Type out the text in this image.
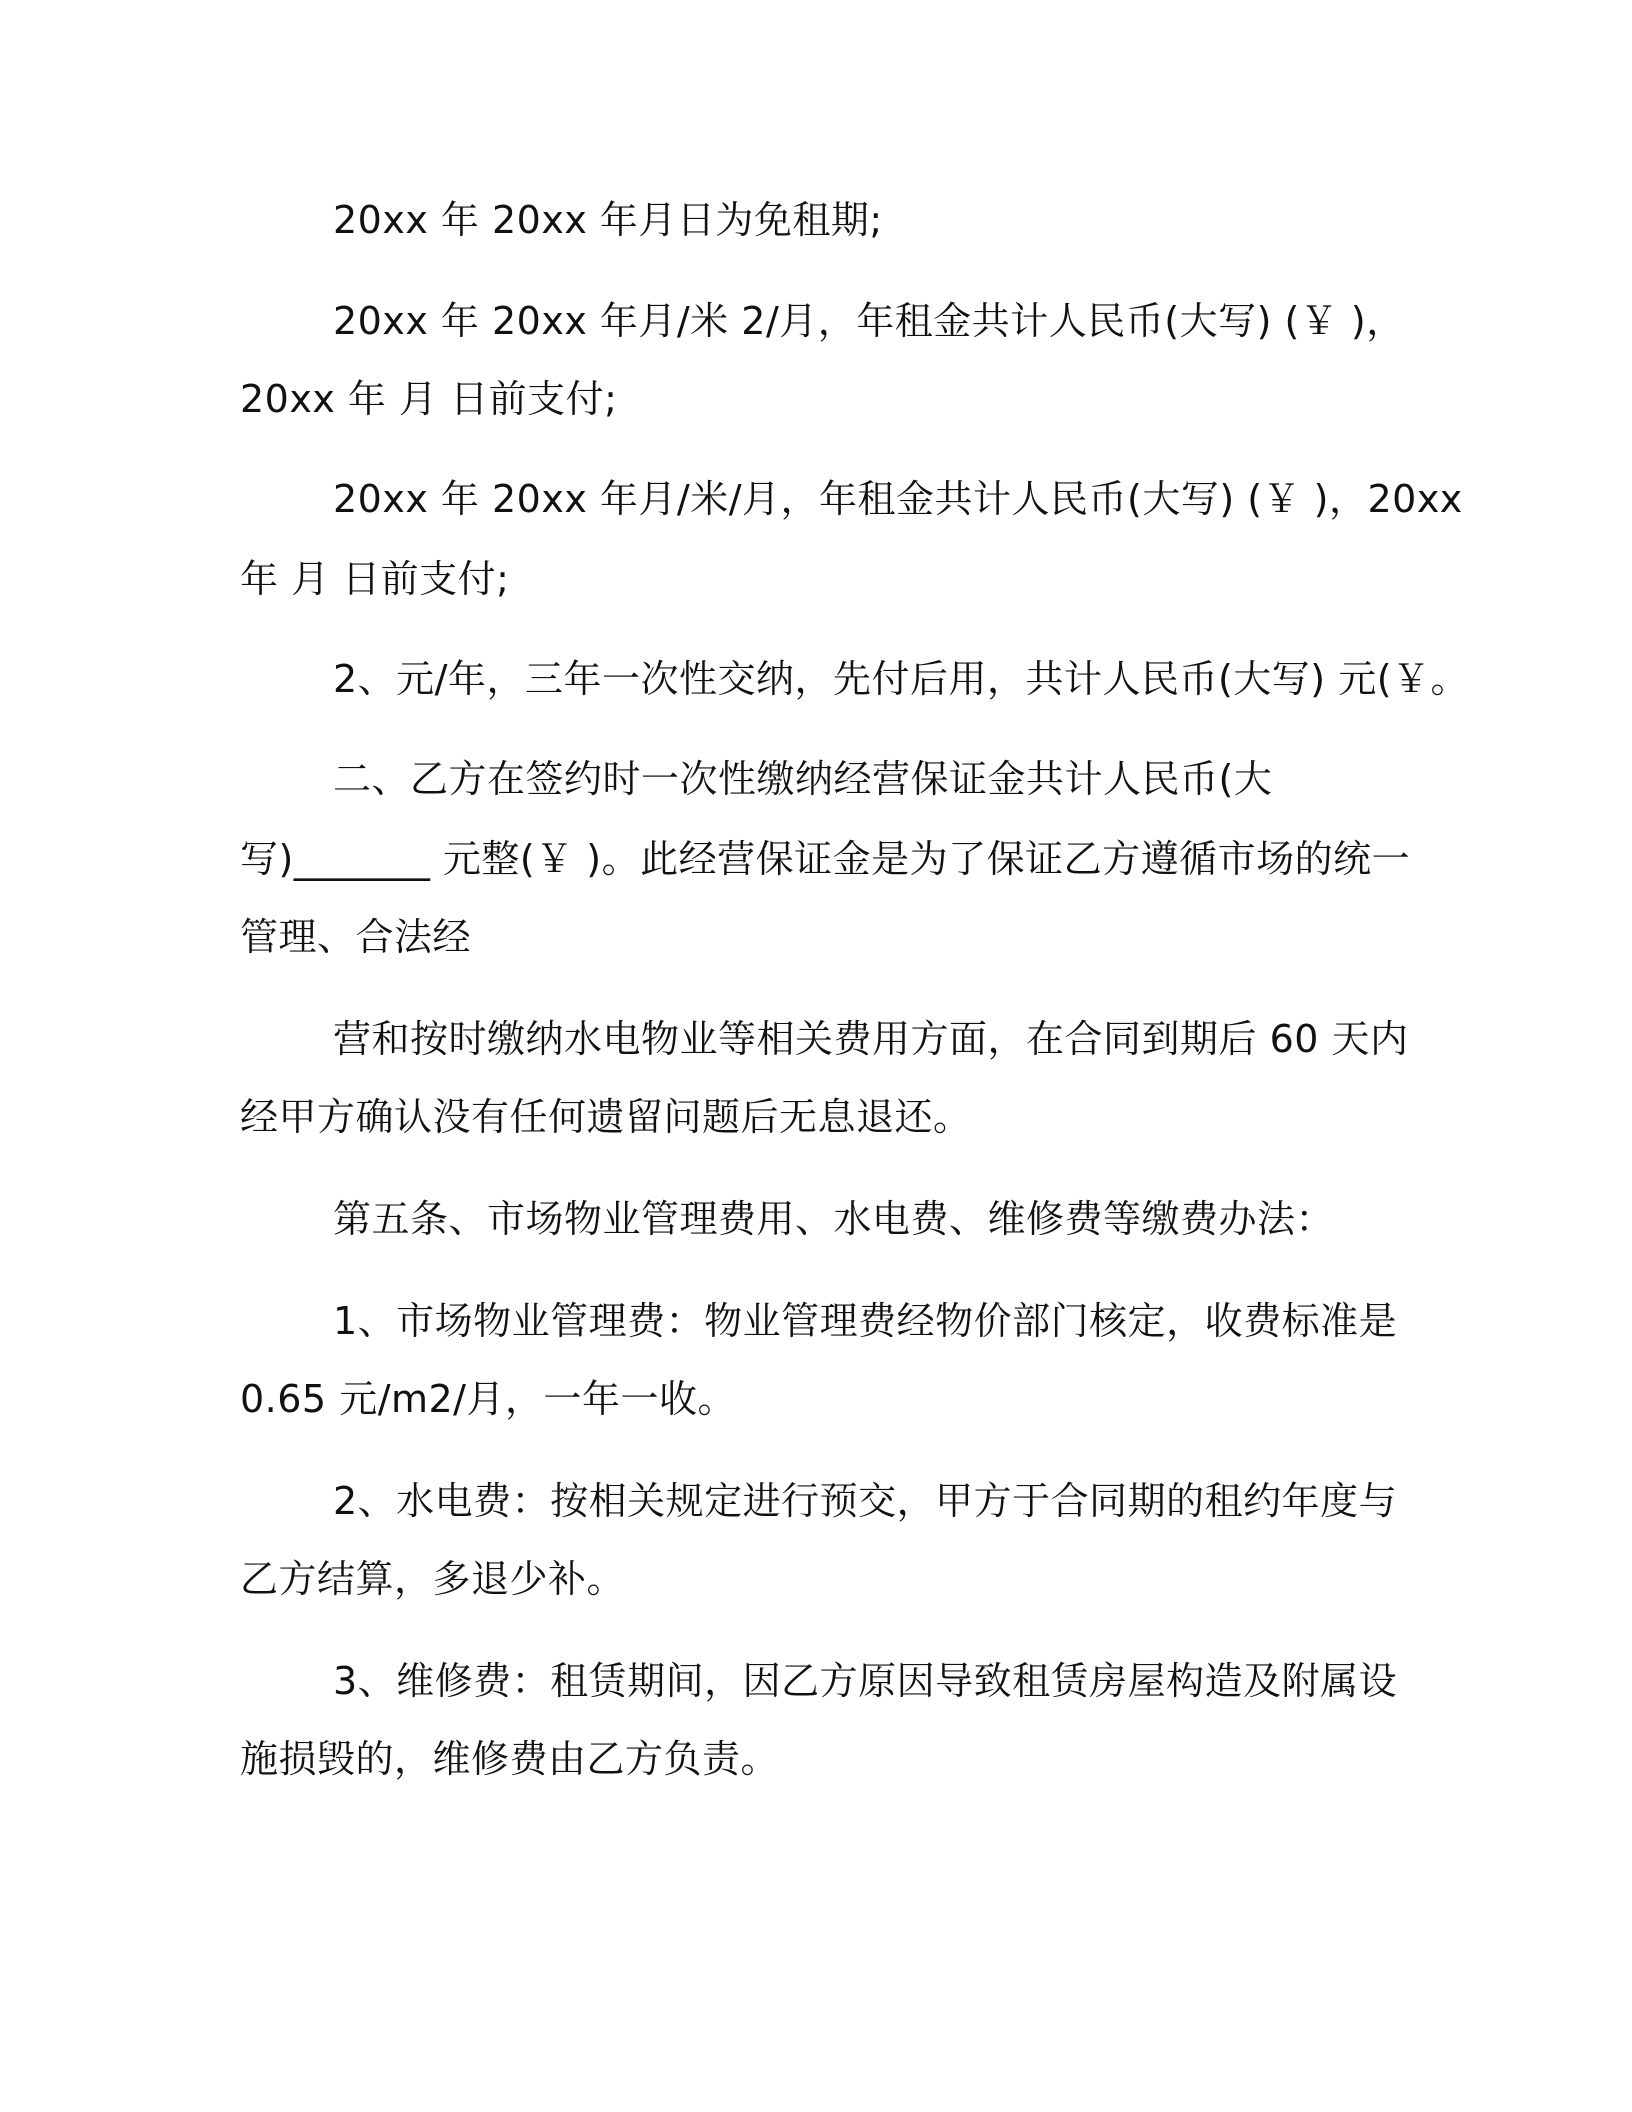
20xx 年 20xx 年月日为免租期;
20xx 年 20xx 年月/米 2/月，年租金共计人民币(大写) (￥ )，
20xx 年 月 日前支付;
20xx 年 20xx 年月/米/月，年租金共计人民币(大写) (￥ )，20xx
年 月 日前支付;
2、元/年，三年一次性交纳，先付后用，共计人民币(大写) 元(￥。
二、乙方在签约时一次性缴纳经营保证金共计人民币(大
写)_______ 元整(￥ )。此经营保证金是为了保证乙方遵循市场的统一
管理、合法经
营和按时缴纳水电物业等相关费用方面，在合同到期后 60 天内
经甲方确认没有任何遗留问题后无息退还。
第五条、市场物业管理费用、水电费、维修费等缴费办法：
1、市场物业管理费：物业管理费经物价部门核定，收费标准是
0.65 元/m2/月，一年一收。
2、水电费：按相关规定进行预交，甲方于合同期的租约年度与
乙方结算，多退少补。
3、维修费：租赁期间，因乙方原因导致租赁房屋构造及附属设
施损毁的，维修费由乙方负责。
